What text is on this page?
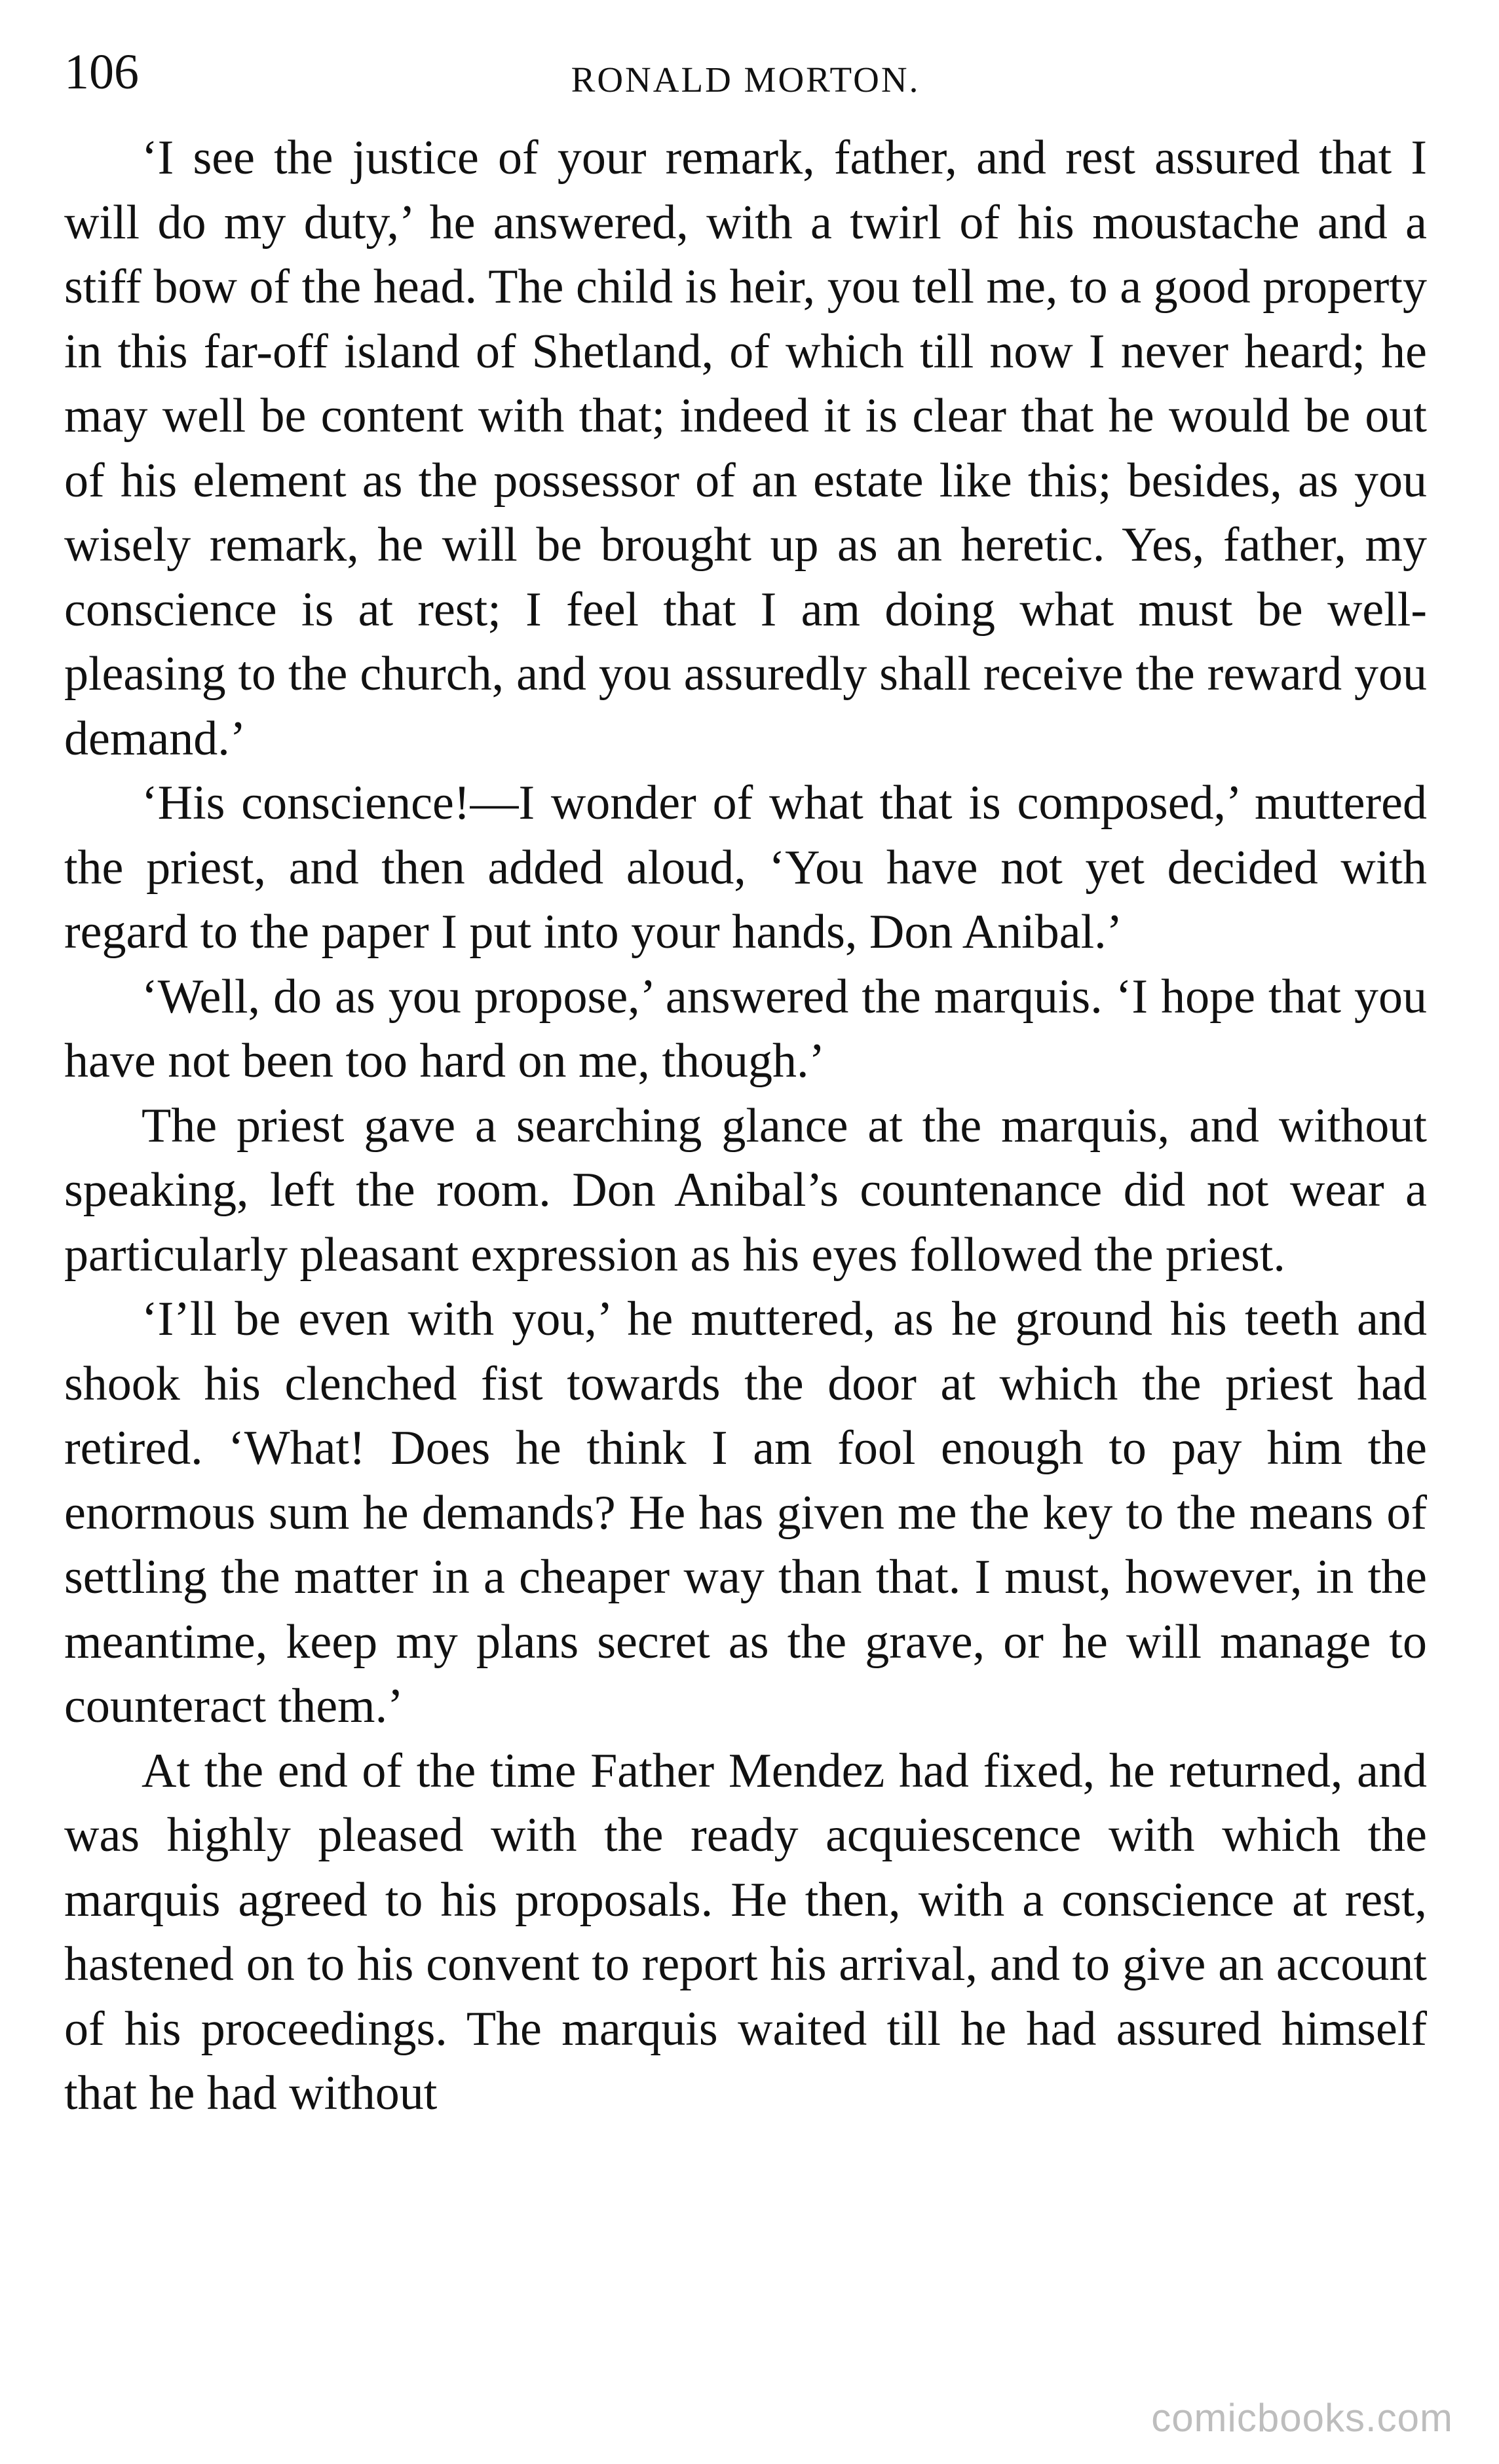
106	RONALD MORTON.

‘I see the justice of your remark, father, and rest assured that I will do my duty,’ he answered, with a twirl of his moustache and a stiff bow of the head. The child is heir, you tell me, to a good property in this far-off island of Shetland, of which till now I never heard; he may well be content with that; indeed it is clear that he would be out of his element as the possessor of an estate like this; besides, as you wisely remark, he will be brought up as an heretic. Yes, father, my conscience is at rest; I feel that I am doing what must be well-pleasing to the church, and you assuredly shall receive the reward you demand.’

‘His conscience!—I wonder of what that is composed,’ muttered the priest, and then added aloud, ‘You have not yet decided with regard to the paper I put into your hands, Don Anibal.’

‘Well, do as you propose,’ answered the marquis. ‘I hope that you have not been too hard on me, though.’

The priest gave a searching glance at the marquis, and without speaking, left the room. Don Anibal’s countenance did not wear a particularly pleasant expression as his eyes followed the priest.

‘I’ll be even with you,’ he muttered, as he ground his teeth and shook his clenched fist towards the door at which the priest had retired. ‘What! Does he think I am fool enough to pay him the enormous sum he demands? He has given me the key to the means of settling the matter in a cheaper way than that. I must, however, in the meantime, keep my plans secret as the grave, or he will manage to counteract them.’

At the end of the time Father Mendez had fixed, he returned, and was highly pleased with the ready acquiescence with which the marquis agreed to his proposals. He then, with a conscience at rest, hastened on to his convent to report his arrival, and to give an account of his proceedings. The marquis waited till he had assured himself that he had without

comicbooks.com
